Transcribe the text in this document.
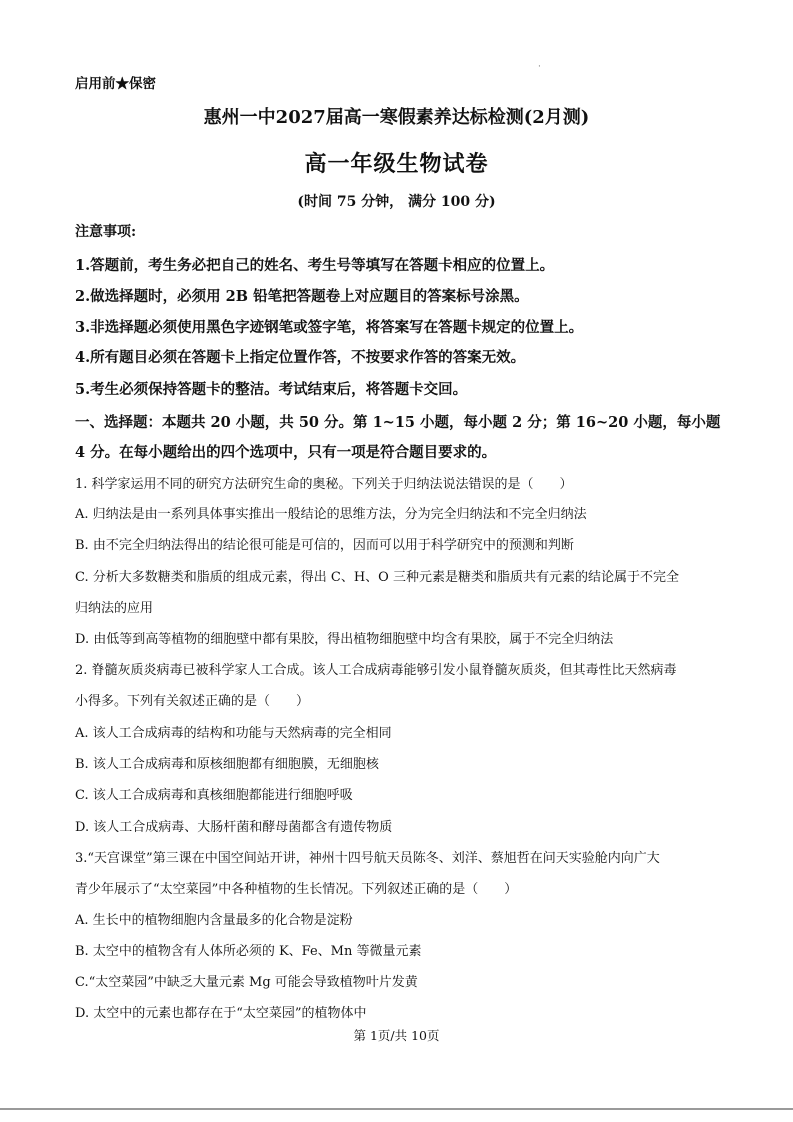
·
启用前★保密
惠州一中2027届高一寒假素养达标检测(2月测)
高一年级生物试卷
(时间 75 分钟， 满分 100 分)
注意事项:
1.答题前，考生务必把自己的姓名、考生号等填写在答题卡相应的位置上。
2.做选择题时，必须用 2B 铅笔把答题卷上对应题目的答案标号涂黑。
3.非选择题必须使用黑色字迹钢笔或签字笔，将答案写在答题卡规定的位置上。
4.所有题目必须在答题卡上指定位置作答，不按要求作答的答案无效。
5.考生必须保持答题卡的整洁。考试结束后，将答题卡交回。
一、选择题：本题共 20 小题，共 50 分。第 1~15 小题，每小题 2 分；第 16~20 小题，每小题
4 分。在每小题给出的四个选项中，只有一项是符合题目要求的。
1. 科学家运用不同的研究方法研究生命的奥秘。下列关于归纳法说法错误的是（　　）
A. 归纳法是由一系列具体事实推出一般结论的思维方法，分为完全归纳法和不完全归纳法
B. 由不完全归纳法得出的结论很可能是可信的，因而可以用于科学研究中的预测和判断
C. 分析大多数糖类和脂质的组成元素，得出 C、H、O 三种元素是糖类和脂质共有元素的结论属于不完全
归纳法的应用
D. 由低等到高等植物的细胞壁中都有果胶，得出植物细胞壁中均含有果胶，属于不完全归纳法
2. 脊髓灰质炎病毒已被科学家人工合成。该人工合成病毒能够引发小鼠脊髓灰质炎，但其毒性比天然病毒
小得多。下列有关叙述正确的是（　　）
A. 该人工合成病毒的结构和功能与天然病毒的完全相同
B. 该人工合成病毒和原核细胞都有细胞膜，无细胞核
C. 该人工合成病毒和真核细胞都能进行细胞呼吸
D. 该人工合成病毒、大肠杆菌和酵母菌都含有遗传物质
3.“天宫课堂”第三课在中国空间站开讲，神州十四号航天员陈冬、刘洋、蔡旭哲在问天实验舱内向广大
青少年展示了“太空菜园”中各种植物的生长情况。下列叙述正确的是（　　）
A. 生长中的植物细胞内含量最多的化合物是淀粉
B. 太空中的植物含有人体所必须的 K、Fe、Mn 等微量元素
C.“太空菜园”中缺乏大量元素 Mg 可能会导致植物叶片发黄
D. 太空中的元素也都存在于“太空菜园”的植物体中
第 1页/共 10页
